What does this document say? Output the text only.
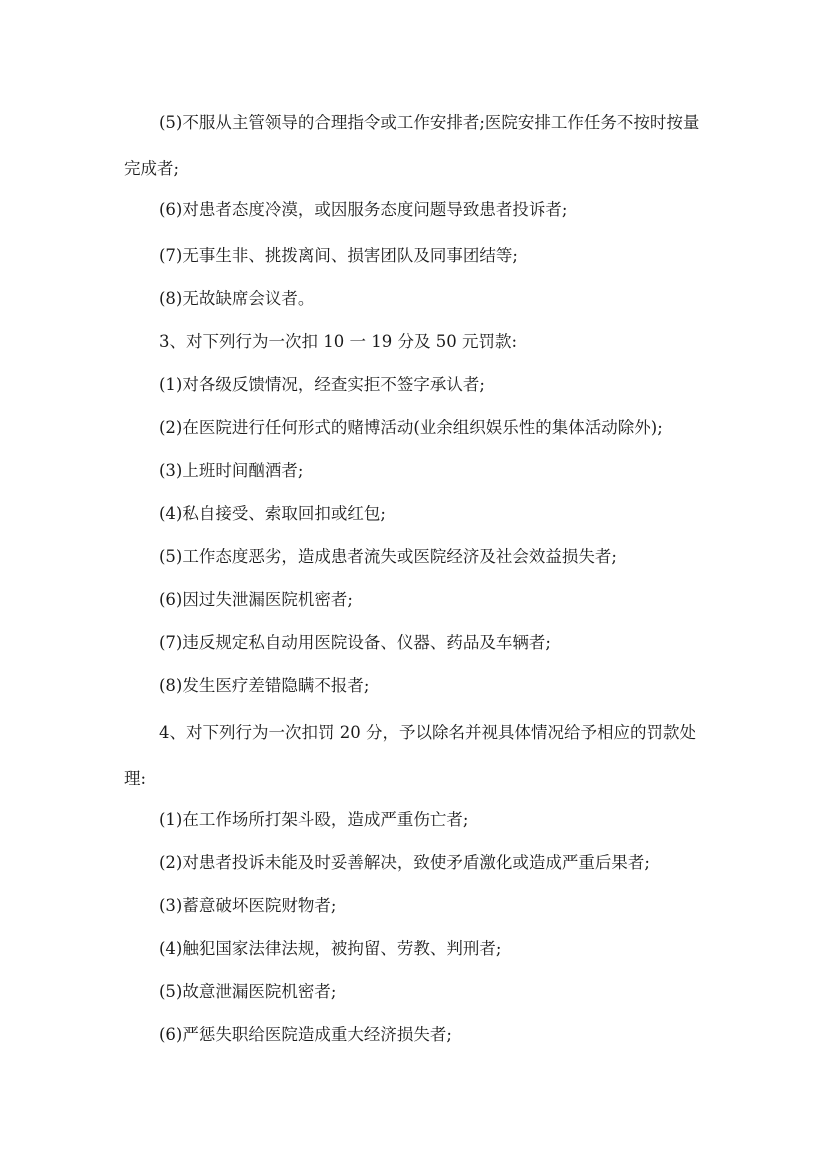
​

(5)不服从主管领导的合理指令或工作安排者;医院安排工作任务不按时按量完成者;

(6)对患者态度冷漠，或因服务态度问题导致患者投诉者;

(7)无事生非、挑拨离间、损害团队及同事团结等;

(8)无故缺席会议者。

3、对下列行为一次扣 10 一 19 分及 50 元罚款:

(1)对各级反馈情况，经查实拒不签字承认者;

(2)在医院进行任何形式的赌博活动(业余组织娱乐性的集体活动除外);

(3)上班时间酗酒者;

(4)私自接受、索取回扣或红包;

(5)工作态度恶劣，造成患者流失或医院经济及社会效益损失者;

(6)因过失泄漏医院机密者;

(7)违反规定私自动用医院设备、仪器、药品及车辆者;

(8)发生医疗差错隐瞒不报者;

4、对下列行为一次扣罚 20 分，予以除名并视具体情况给予相应的罚款处理:

(1)在工作场所打架斗殴，造成严重伤亡者;

(2)对患者投诉未能及时妥善解决，致使矛盾激化或造成严重后果者;

(3)蓄意破坏医院财物者;

(4)触犯国家法律法规，被拘留、劳教、判刑者;

(5)故意泄漏医院机密者;

(6)严惩失职给医院造成重大经济损失者;
